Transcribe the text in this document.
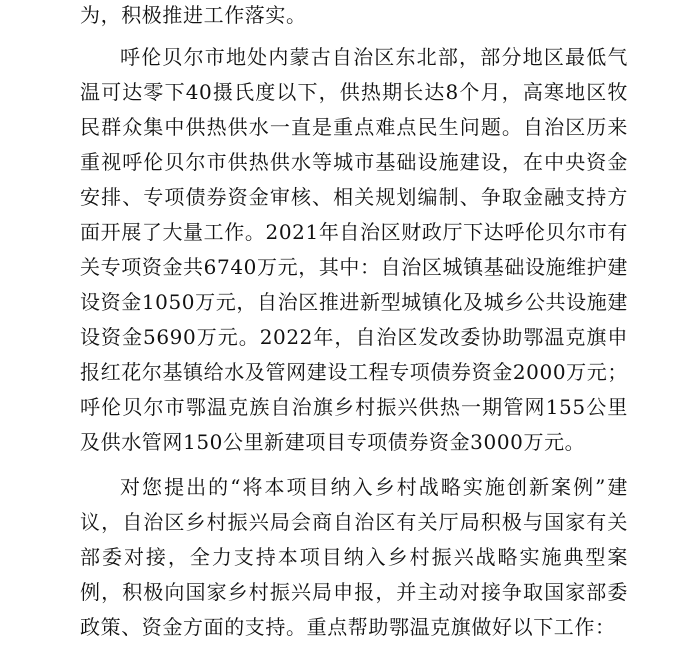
为，积极推进工作落实。

呼伦贝尔市地处内蒙古自治区东北部，部分地区最低气温可达零下40摄氏度以下，供热期长达8个月，高寒地区牧民群众集中供热供水一直是重点难点民生问题。自治区历来重视呼伦贝尔市供热供水等城市基础设施建设，在中央资金安排、专项债券资金审核、相关规划编制、争取金融支持方面开展了大量工作。2021年自治区财政厅下达呼伦贝尔市有关专项资金共6740万元，其中：自治区城镇基础设施维护建设资金1050万元，自治区推进新型城镇化及城乡公共设施建设资金5690万元。2022年，自治区发改委协助鄂温克旗申报红花尔基镇给水及管网建设工程专项债券资金2000万元；呼伦贝尔市鄂温克族自治旗乡村振兴供热一期管网155公里及供水管网150公里新建项目专项债券资金3000万元。

对您提出的“将本项目纳入乡村战略实施创新案例”建议，自治区乡村振兴局会商自治区有关厅局积极与国家有关部委对接，全力支持本项目纳入乡村振兴战略实施典型案例，积极向国家乡村振兴局申报，并主动对接争取国家部委政策、资金方面的支持。重点帮助鄂温克旗做好以下工作：
